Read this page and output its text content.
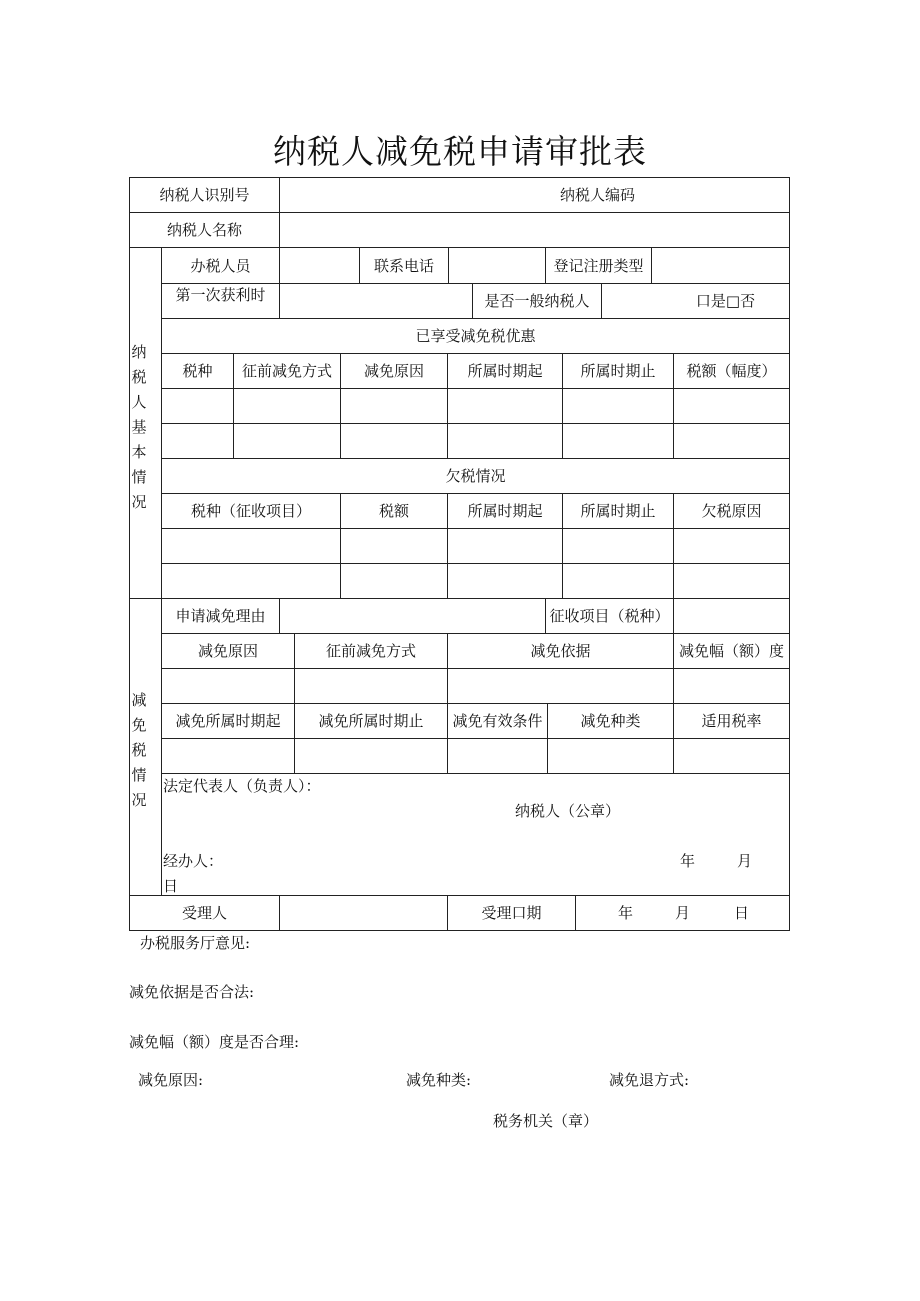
纳税人减免税申请审批表
纳税人识别号	纳税人编码
纳税人名称
纳税人基本情况
办税人员	联系电话	登记注册类型
第一次获利时	是否一般纳税人	口是□否
已享受减免税优惠
税种	征前减免方式	减免原因	所属时期起	所属时期止	税额（幅度）
欠税情况
税种（征收项目）	税额	所属时期起	所属时期止	欠税原因
减免税情况
申请减免理由	征收项目（税种）
减免原因	征前减免方式	减免依据	减免幅（额）度
减免所属时期起	减免所属时期止	减免有效条件	减免种类	适用税率
法定代表人（负责人）：
纳税人（公章）
经办人：	年	月
日
受理人	受理口期	年	月	日
办税服务厅意见:
减免依据是否合法:
减免幅（额）度是否合理:
减免原因:	减免种类:	减免退方式:
税务机关（章）
